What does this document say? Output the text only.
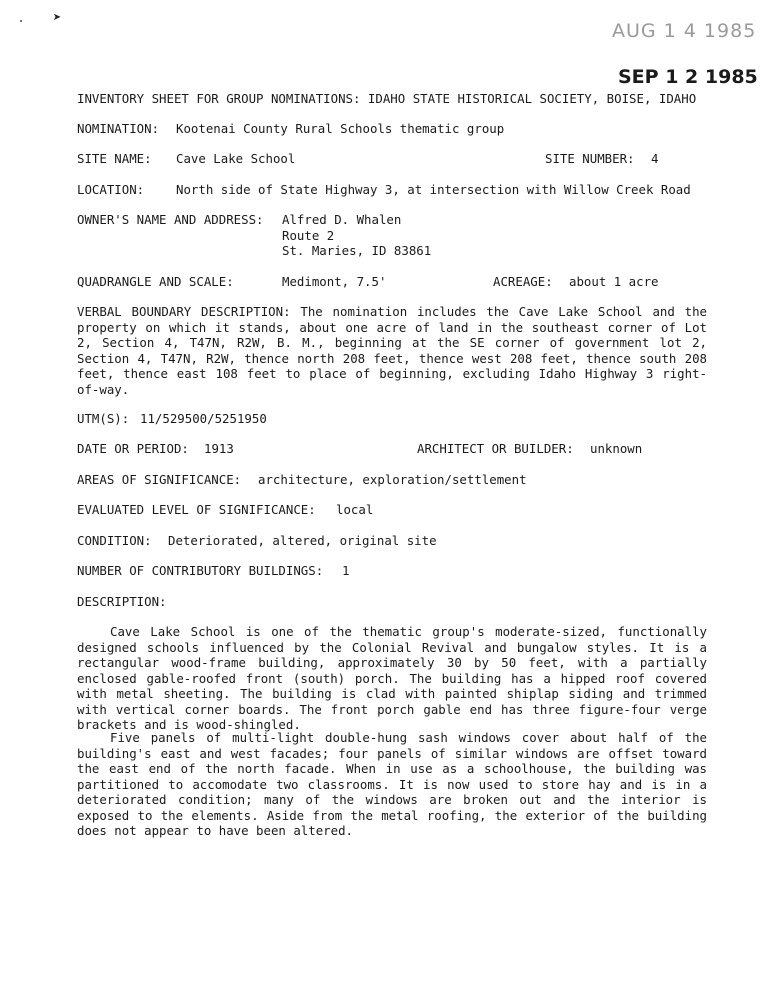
➤
AUG 1 4 1985
SEP 1 2 1985
INVENTORY SHEET FOR GROUP NOMINATIONS: IDAHO STATE HISTORICAL SOCIETY, BOISE, IDAHO
NOMINATION: Kootenai County Rural Schools thematic group
SITE NAME: Cave Lake School	SITE NUMBER: 4
LOCATION:	North side of State Highway 3, at intersection with Willow Creek Road
OWNER'S NAME AND ADDRESS: Alfred D. Whalen
Route 2
St. Maries, ID 83861
QUADRANGLE AND SCALE:	Medimont, 7.5'	ACREAGE: about 1 acre

VERBAL BOUNDARY DESCRIPTION: The nomination includes the Cave Lake School and the property on which it stands, about one acre of land in the southeast corner of Lot 2, Section 4, T47N, R2W, B. M., beginning at the SE corner of government lot 2, Section 4, T47N, R2W, thence north 208 feet, thence west 208 feet, thence south 208 feet, thence east 108 feet to place of beginning, excluding Idaho Highway 3 right-of-way.

UTM(S): 11/529500/5251950
DATE OR PERIOD: 1913	ARCHITECT OR BUILDER: unknown
AREAS OF SIGNIFICANCE: architecture, exploration/settlement
EVALUATED LEVEL OF SIGNIFICANCE: local
CONDITION: Deteriorated, altered, original site
NUMBER OF CONTRIBUTORY BUILDINGS: 1
DESCRIPTION:

Cave Lake School is one of the thematic group's moderate-sized, functionally designed schools influenced by the Colonial Revival and bungalow styles. It is a rectangular wood-frame building, approximately 30 by 50 feet, with a partially enclosed gable-roofed front (south) porch. The building has a hipped roof covered with metal sheeting. The building is clad with painted shiplap siding and trimmed with vertical corner boards. The front porch gable end has three figure-four verge brackets and is wood-shingled.

Five panels of multi-light double-hung sash windows cover about half of the building's east and west facades; four panels of similar windows are offset toward the east end of the north facade. When in use as a schoolhouse, the building was partitioned to accomodate two classrooms. It is now used to store hay and is in a deteriorated condition; many of the windows are broken out and the interior is exposed to the elements. Aside from the metal roofing, the exterior of the building does not appear to have been altered.
